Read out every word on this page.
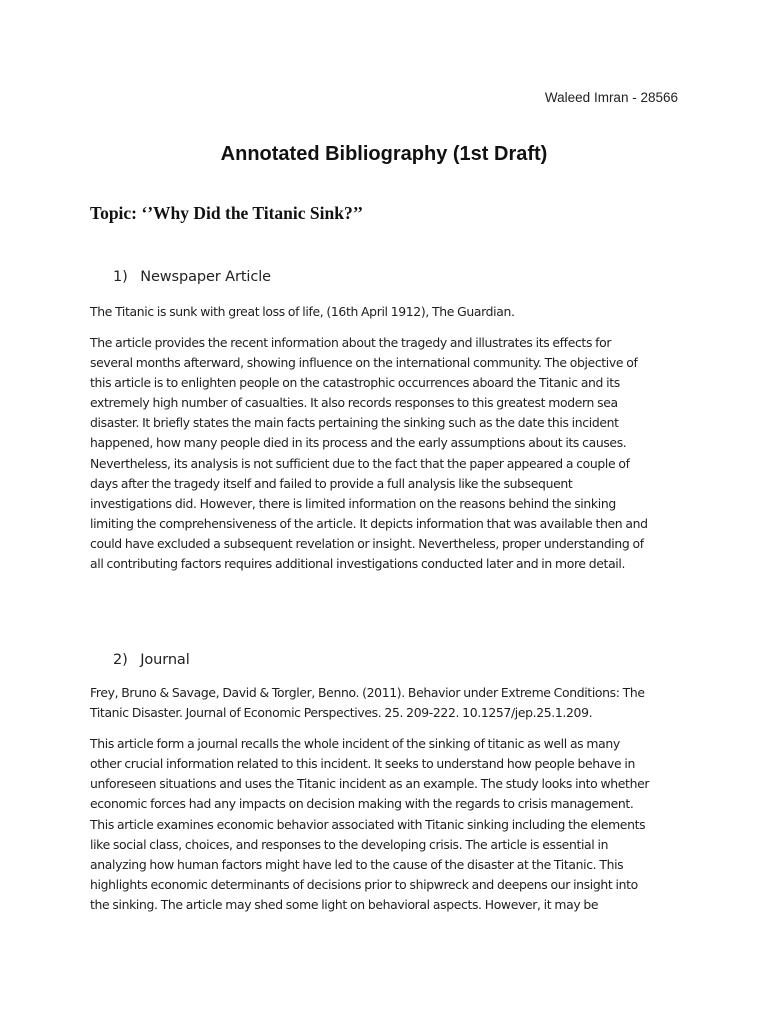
Waleed Imran - 28566
Annotated Bibliography (1st Draft)
Topic: ‘’Why Did the Titanic Sink?’’
1) Newspaper Article
The Titanic is sunk with great loss of life, (16th April 1912), The Guardian.
The article provides the recent information about the tragedy and illustrates its effects for
several months afterward, showing influence on the international community. The objective of
this article is to enlighten people on the catastrophic occurrences aboard the Titanic and its
extremely high number of casualties. It also records responses to this greatest modern sea
disaster. It briefly states the main facts pertaining the sinking such as the date this incident
happened, how many people died in its process and the early assumptions about its causes.
Nevertheless, its analysis is not sufficient due to the fact that the paper appeared a couple of
days after the tragedy itself and failed to provide a full analysis like the subsequent
investigations did. However, there is limited information on the reasons behind the sinking
limiting the comprehensiveness of the article. It depicts information that was available then and
could have excluded a subsequent revelation or insight. Nevertheless, proper understanding of
all contributing factors requires additional investigations conducted later and in more detail.
2) Journal
Frey, Bruno & Savage, David & Torgler, Benno. (2011). Behavior under Extreme Conditions: The
Titanic Disaster. Journal of Economic Perspectives. 25. 209-222. 10.1257/jep.25.1.209.
This article form a journal recalls the whole incident of the sinking of titanic as well as many
other crucial information related to this incident. It seeks to understand how people behave in
unforeseen situations and uses the Titanic incident as an example. The study looks into whether
economic forces had any impacts on decision making with the regards to crisis management.
This article examines economic behavior associated with Titanic sinking including the elements
like social class, choices, and responses to the developing crisis. The article is essential in
analyzing how human factors might have led to the cause of the disaster at the Titanic. This
highlights economic determinants of decisions prior to shipwreck and deepens our insight into
the sinking. The article may shed some light on behavioral aspects. However, it may be
